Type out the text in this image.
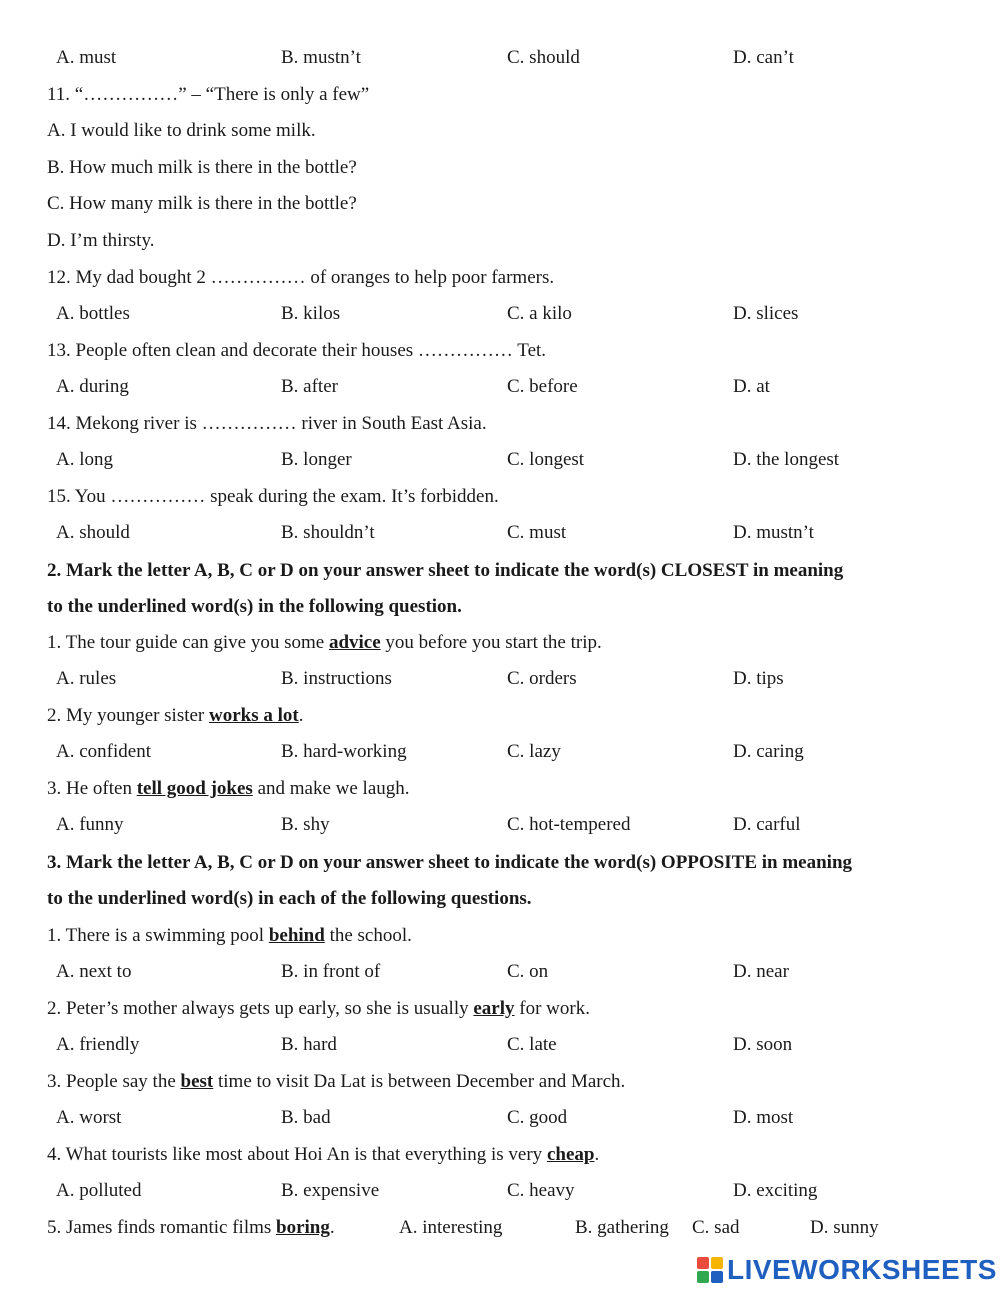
A. must	B. mustn’t	C. should	D. can’t
11. “……………” – “There is only a few”
A. I would like to drink some milk.
B. How much milk is there in the bottle?
C. How many milk is there in the bottle?
D. I’m thirsty.
12. My dad bought 2 …………… of oranges to help poor farmers.
A. bottles	B. kilos	C. a kilo	D. slices
13. People often clean and decorate their houses …………… Tet.
A. during	B. after	C. before	D. at
14. Mekong river is …………… river in South East Asia.
A. long	B. longer	C. longest	D. the longest
15. You …………… speak during the exam. It’s forbidden.
A. should	B. shouldn’t	C. must	D. mustn’t
2. Mark the letter A, B, C or D on your answer sheet to indicate the word(s) CLOSEST in meaning
to the underlined word(s) in the following question.
1. The tour guide can give you some advice you before you start the trip.
A. rules	B. instructions	C. orders	D. tips
2. My younger sister works a lot.
A. confident	B. hard-working	C. lazy	D. caring
3. He often tell good jokes and make we laugh.
A. funny	B. shy	C. hot-tempered	D. carful
3. Mark the letter A, B, C or D on your answer sheet to indicate the word(s) OPPOSITE in meaning
to the underlined word(s) in each of the following questions.
1. There is a swimming pool behind the school.
A. next to	B. in front of	C. on	D. near
2. Peter’s mother always gets up early, so she is usually early for work.
A. friendly	B. hard	C. late	D. soon
3. People say the best time to visit Da Lat is between December and March.
A. worst	B. bad	C. good	D. most
4. What tourists like most about Hoi An is that everything is very cheap.
A. polluted	B. expensive	C. heavy	D. exciting
5. James finds romantic films boring.	A. interesting	B. gathering C. sad	D. sunny
LIVEWORKSHEETS
